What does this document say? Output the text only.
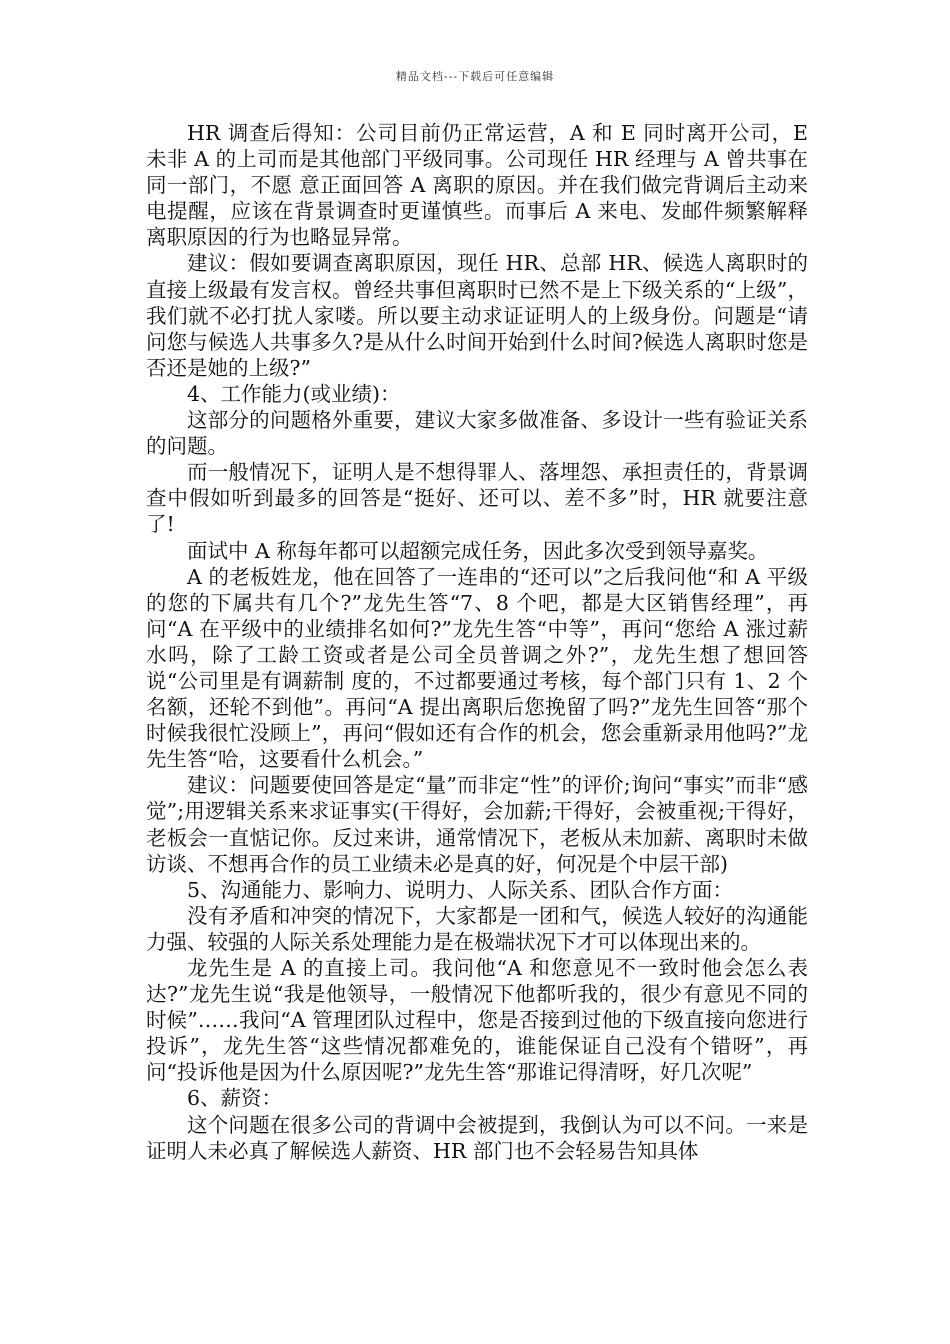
精品文档---下载后可任意编辑

HR 调查后得知：公司目前仍正常运营，A 和 E 同时离开公司，E 未非 A 的上司而是其他部门平级同事。公司现任 HR 经理与 A 曾共事在同一部门，不愿 意正面回答 A 离职的原因。并在我们做完背调后主动来电提醒，应该在背景调查时更谨慎些。而事后 A 来电、发邮件频繁解释离职原因的行为也略显异常。

建议：假如要调查离职原因，现任 HR、总部 HR、候选人离职时的直接上级最有发言权。曾经共事但离职时已然不是上下级关系的“上级”，我们就不必打扰人家喽。所以要主动求证证明人的上级身份。问题是“请问您与候选人共事多久?是从什么时间开始到什么时间?候选人离职时您是否还是她的上级?”

4、工作能力(或业绩)：

这部分的问题格外重要，建议大家多做准备、多设计一些有验证关系的问题。

而一般情况下，证明人是不想得罪人、落埋怨、承担责任的，背景调查中假如听到最多的回答是“挺好、还可以、差不多”时，HR 就要注意了!

面试中 A 称每年都可以超额完成任务，因此多次受到领导嘉奖。

A 的老板姓龙，他在回答了一连串的“还可以”之后我问他“和 A 平级的您的下属共有几个?”龙先生答“7、8 个吧，都是大区销售经理”，再问“A 在平级中的业绩排名如何?”龙先生答“中等”，再问“您给 A 涨过薪水吗，除了工龄工资或者是公司全员普调之外?”，龙先生想了想回答说“公司里是有调薪制 度的，不过都要通过考核，每个部门只有 1、2 个名额，还轮不到他”。再问“A 提出离职后您挽留了吗?”龙先生回答“那个时候我很忙没顾上”，再问“假如还有合作的机会，您会重新录用他吗?”龙先生答“哈，这要看什么机会。”

建议：问题要使回答是定“量”而非定“性”的评价;询问“事实”而非“感觉”;用逻辑关系来求证事实(干得好，会加薪;干得好，会被重视;干得好，老板会一直惦记你。反过来讲，通常情况下，老板从未加薪、离职时未做访谈、不想再合作的员工业绩未必是真的好，何况是个中层干部)

5、沟通能力、影响力、说明力、人际关系、团队合作方面：

没有矛盾和冲突的情况下，大家都是一团和气，候选人较好的沟通能力强、较强的人际关系处理能力是在极端状况下才可以体现出来的。

龙先生是 A 的直接上司。我问他“A 和您意见不一致时他会怎么表达?”龙先生说“我是他领导，一般情况下他都听我的，很少有意见不同的时候”……我问“A 管理团队过程中，您是否接到过他的下级直接向您进行投诉”，龙先生答“这些情况都难免的，谁能保证自己没有个错呀”，再问“投诉他是因为什么原因呢?”龙先生答“那谁记得清呀，好几次呢”

6、薪资：

这个问题在很多公司的背调中会被提到，我倒认为可以不问。一来是证明人未必真了解候选人薪资、HR 部门也不会轻易告知具体
